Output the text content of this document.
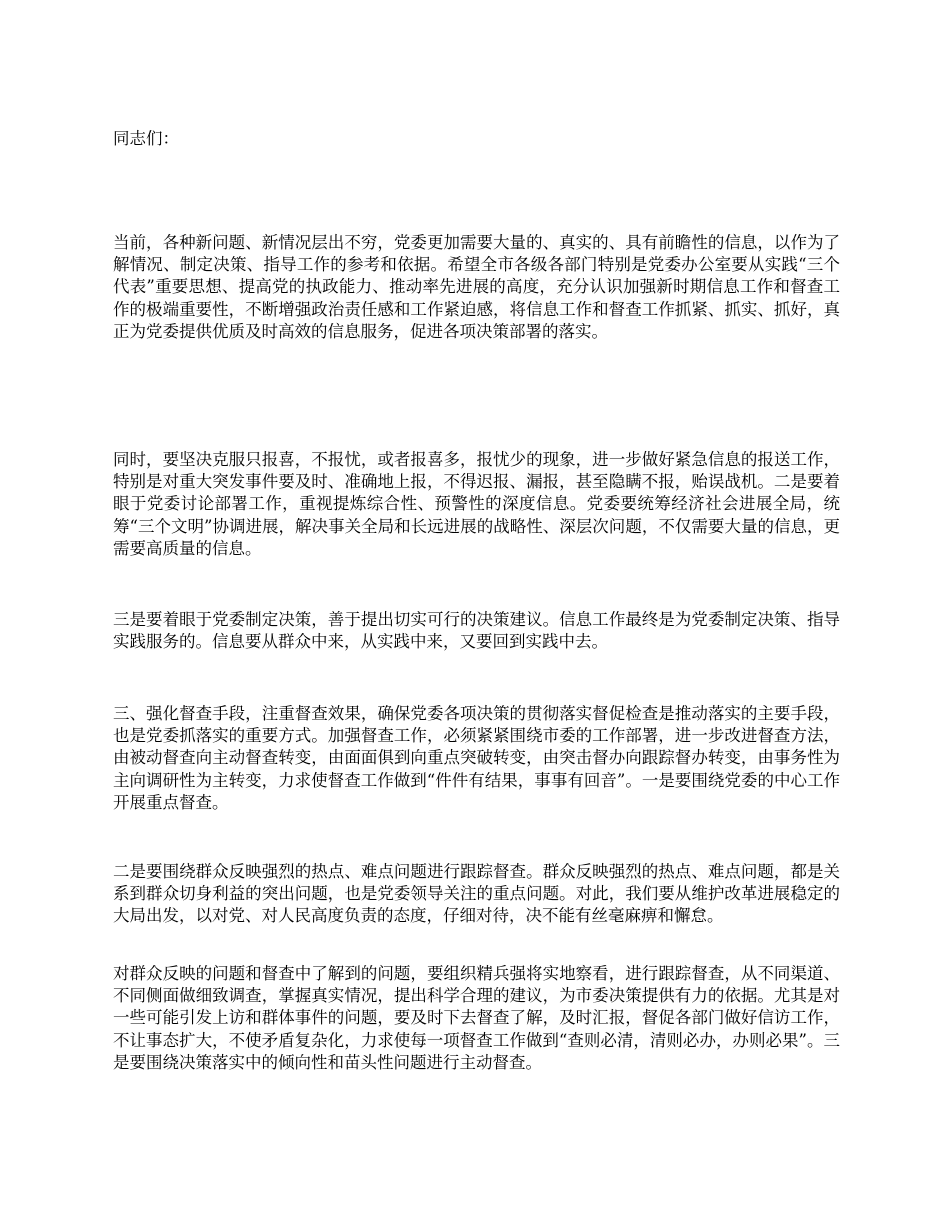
同志们：

当前，各种新问题、新情况层出不穷，党委更加需要大量的、真实的、具有前瞻性的信息，以作为了解情况、制定决策、指导工作的参考和依据。希望全市各级各部门特别是党委办公室要从实践“三个代表”重要思想、提高党的执政能力、推动率先进展的高度，充分认识加强新时期信息工作和督查工作的极端重要性，不断增强政治责任感和工作紧迫感，将信息工作和督查工作抓紧、抓实、抓好，真正为党委提供优质及时高效的信息服务，促进各项决策部署的落实。

同时，要坚决克服只报喜，不报忧，或者报喜多，报忧少的现象，进一步做好紧急信息的报送工作，特别是对重大突发事件要及时、准确地上报，不得迟报、漏报，甚至隐瞒不报，贻误战机。二是要着眼于党委讨论部署工作，重视提炼综合性、预警性的深度信息。党委要统筹经济社会进展全局，统筹“三个文明”协调进展，解决事关全局和长远进展的战略性、深层次问题，不仅需要大量的信息，更需要高质量的信息。

三是要着眼于党委制定决策，善于提出切实可行的决策建议。信息工作最终是为党委制定决策、指导实践服务的。信息要从群众中来，从实践中来，又要回到实践中去。

三、强化督查手段，注重督查效果，确保党委各项决策的贯彻落实督促检查是推动落实的主要手段，也是党委抓落实的重要方式。加强督查工作，必须紧紧围绕市委的工作部署，进一步改进督查方法，由被动督查向主动督查转变，由面面俱到向重点突破转变，由突击督办向跟踪督办转变，由事务性为主向调研性为主转变，力求使督查工作做到“件件有结果，事事有回音”。一是要围绕党委的中心工作开展重点督查。

二是要围绕群众反映强烈的热点、难点问题进行跟踪督查。群众反映强烈的热点、难点问题，都是关系到群众切身利益的突出问题，也是党委领导关注的重点问题。对此，我们要从维护改革进展稳定的大局出发，以对党、对人民高度负责的态度，仔细对待，决不能有丝毫麻痹和懈怠。

对群众反映的问题和督查中了解到的问题，要组织精兵强将实地察看，进行跟踪督查，从不同渠道、不同侧面做细致调查，掌握真实情况，提出科学合理的建议，为市委决策提供有力的依据。尤其是对一些可能引发上访和群体事件的问题，要及时下去督查了解，及时汇报，督促各部门做好信访工作，不让事态扩大，不使矛盾复杂化，力求使每一项督查工作做到“查则必清，清则必办，办则必果”。三是要围绕决策落实中的倾向性和苗头性问题进行主动督查。
